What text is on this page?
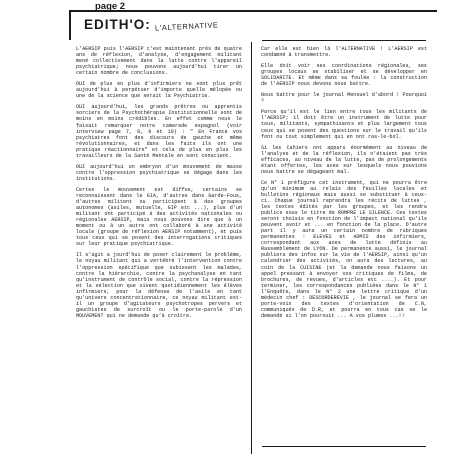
page 2

EDITH'O: L'ALTERNATIVE

L'AERSIP puis l'AERSIP c'est maintenant près de quatre ans de réflexion, d'analyse, d'engagement militant mené collectivement dans la lutte contre l'appareil psychiatrique; nous pouvons aujourd'hui tirer un certain nombre de conclusions.

OUI de plus en plus d'infirmiers ne sont plus prêt aujourd'hui à perpétuer d'importe quelle mélopée ou une de la science que serait la Psychiatrie.

OUI aujourd'hui, les grands prêtres ou apprentis sorciers de la Psychothérapie Institutionnelle sont de moins en moins crédibles. En effet comme nous le faisait remarquer notre camarade espagnol (voir interview page 7, 8, 9 et 10) : " En France vos psychiatres font des discours de gauche et même révolutionnaires, et dans les faits ils ont une pratique réactionnaire" et cela de plus en plus les travailleurs de la Santé Mentale en sont conscient.

OUI aujourd'hui un embryon d'un mouvement de masse contre l'oppression psychiatrique se dégage dans les institutions.

Certes le mouvement est diffus, certains se reconnaissent dans le GIA, d'autres dans Garde-Fous, d'autres militent ou participent à des groupes autonomes (asiles, mutuelle, GIP etc ...), plus d'un militant ont participé à des activités nationales ou régionales AERSIP, mais nous pouvons dire que à un moment ou à un autre ont collaboré à une activité locale (groupe de réflexion AERSIP notamment), et puis tous ceux qui se posent des interrogations critiques sur leur pratique psychiatrique.

Il s'agit a jourd'hui de poser clairement le problème, le noyau militant qui a vertébré l'intervention contre l'oppression spécifique que subissent les malades, contre la hiérarchie, contre la psychanalyse en tant qu'instrument de contrôle social, contre la répression et la sélection que vivent quotidiennement les élèves infirmiers, pour la défense de l'asile en tant qu'univers concentrationnaire, ce noyau militant est-il un groupe d'agitateurs psychotropes pervers et gauchistes de surcroît ou le porte-parole d'un MOUVEMENT qui ne demande qu'à croître.

Car elle est bien là l'ALTERNATIVE ! L'AERSIP est condamné à transmettre.

Elle doit voir ses coordinations régionales, ses groupes locaux se stabiliser et se développer en SOLIDARITE. Et même dans sa foulée : la construction de l'AERSIP nous devons nous battre.

Nous battre pour le journal Mensuel d'abord ! Pourquoi ?

Parce qu'il est le lien entre tous les militants de l'AERSIP; il doit être un instrument de lutte pour tous, militants, sympathisants et plus largement tous ceux qui se posent des questions sur le travail qu'ils font ou tout simplement qui en ont ras-le-bol.

Si les Cahiers ont apparu énormément au niveau de l'analyse et de la réflexion, ils n'étaient pas très efficaces, au niveau de la lutte, pas de prolongements étant offertes, les axes sur lesquels nous pouvions nous battre se dégageant mal.

Ce N° 1 préfigure cet instrument, qui ne pourra être qu'un minimum au relais des feuilles locales et bulletins régionaux mais aussi se substituer à ceux-ci. Chaque journal reprendra les récits de luttes , les textes édités par les groupes, et les rendra publics sous le titre de ROMPRE LE SILENCE. Ces textes seront choisis en fonction de l'impact national qu'ils peuvent avoir et ... en fonction de la place. D'autre part il y aura un certain nombre de rubriques permanentes : ELEVES et ADMIS des infirmiers, correspondant aux axes de lutte définis au Rassemblement de LYON. De permanence aussi, le journal publiera des infos sur la vie de l'AERSIP, ainsi qu'un calendrier des activités, on aura des lectures, au coin de la CUISINE (et la demande nous faisons un appel pressant à envoyer vos critiques de films, de brochures, de revues, d'articles etc ....). Et pour terminer, les correspondances publiées dans le N° 1 l'Enquête, dans le N° 2 une lettre critique d'un médecin chef : DESCORDEREVIE , le journal se fera un porte-voix des textes d'orientation de C.N, communiqués de D.R, et pourra en tous cas se le demandé si l'on poursuit ... A vos plumes ...!!
